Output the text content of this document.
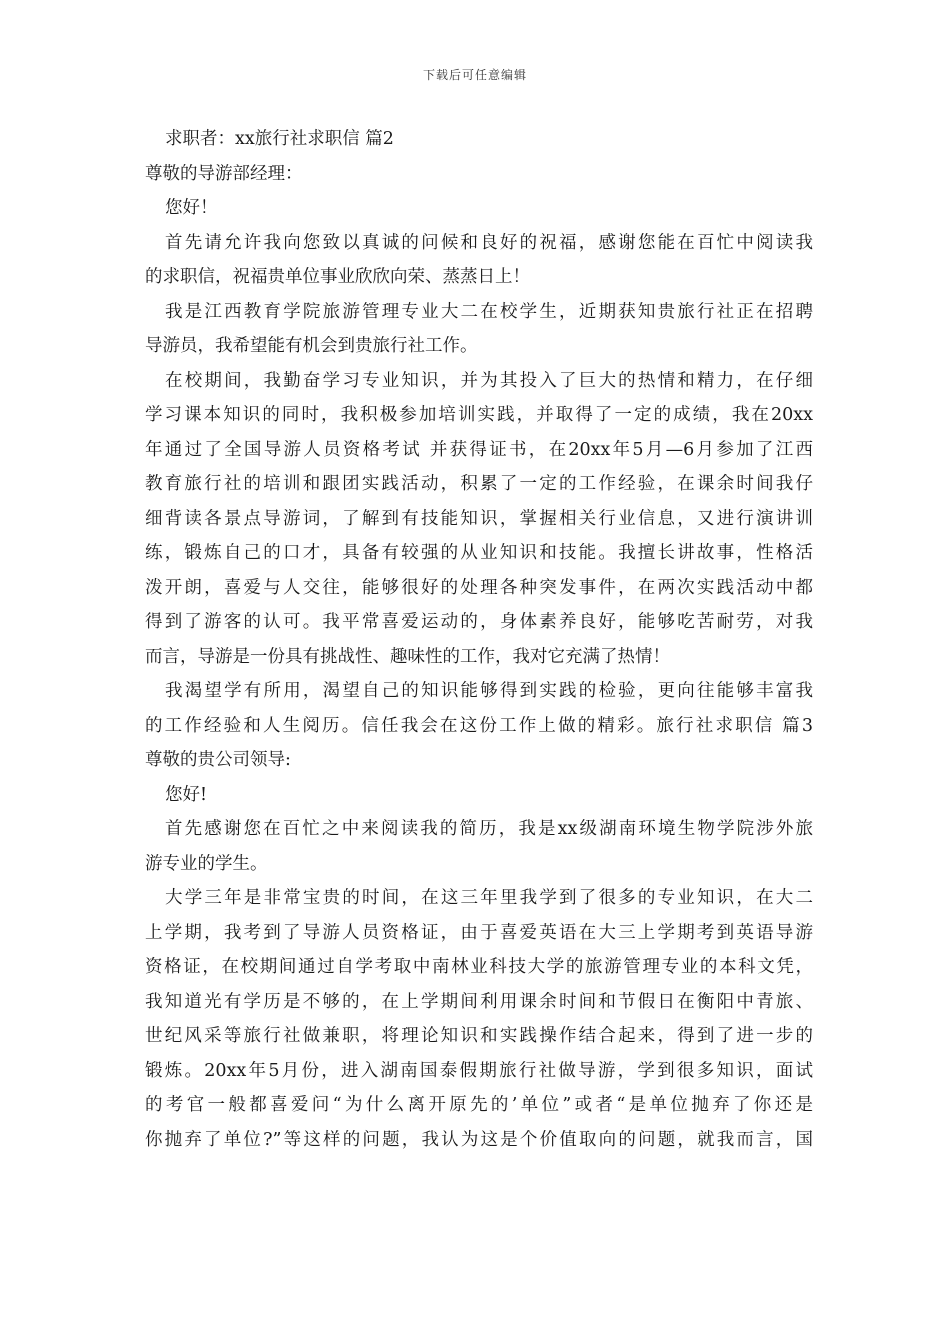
下载后可任意编辑
求职者：xx旅行社求职信 篇2
尊敬的导游部经理：
您好！
首先请允许我向您致以真诚的问候和良好的祝福，感谢您能在百忙中阅读我
的求职信，祝福贵单位事业欣欣向荣、蒸蒸日上！
我是江西教育学院旅游管理专业大二在校学生，近期获知贵旅行社正在招聘
导游员，我希望能有机会到贵旅行社工作。
在校期间，我勤奋学习专业知识，并为其投入了巨大的热情和精力，在仔细
学习课本知识的同时，我积极参加培训实践，并取得了一定的成绩，我在20xx
年通过了全国导游人员资格考试 并获得证书，在20xx年5月—6月参加了江西
教育旅行社的培训和跟团实践活动，积累了一定的工作经验，在课余时间我仔
细背读各景点导游词，了解到有技能知识，掌握相关行业信息，又进行演讲训
练，锻炼自己的口才，具备有较强的从业知识和技能。我擅长讲故事，性格活
泼开朗，喜爱与人交往，能够很好的处理各种突发事件，在两次实践活动中都
得到了游客的认可。我平常喜爱运动的，身体素养良好，能够吃苦耐劳，对我
而言，导游是一份具有挑战性、趣味性的工作，我对它充满了热情！
我渴望学有所用，渴望自己的知识能够得到实践的检验，更向往能够丰富我
的工作经验和人生阅历。信任我会在这份工作上做的精彩。旅行社求职信 篇3
尊敬的贵公司领导:
您好!
首先感谢您在百忙之中来阅读我的简历，我是xx级湖南环境生物学院涉外旅
游专业的学生。
大学三年是非常宝贵的时间，在这三年里我学到了很多的专业知识，在大二
上学期，我考到了导游人员资格证，由于喜爱英语在大三上学期考到英语导游
资格证，在校期间通过自学考取中南林业科技大学的旅游管理专业的本科文凭，
我知道光有学历是不够的，在上学期间利用课余时间和节假日在衡阳中青旅、
世纪风采等旅行社做兼职，将理论知识和实践操作结合起来，得到了进一步的
锻炼。20xx年5月份，进入湖南国泰假期旅行社做导游，学到很多知识，面试
的考官一般都喜爱问“为什么离开原先的’单位”或者“是单位抛弃了你还是
你抛弃了单位?”等这样的问题，我认为这是个价值取向的问题，就我而言，国
